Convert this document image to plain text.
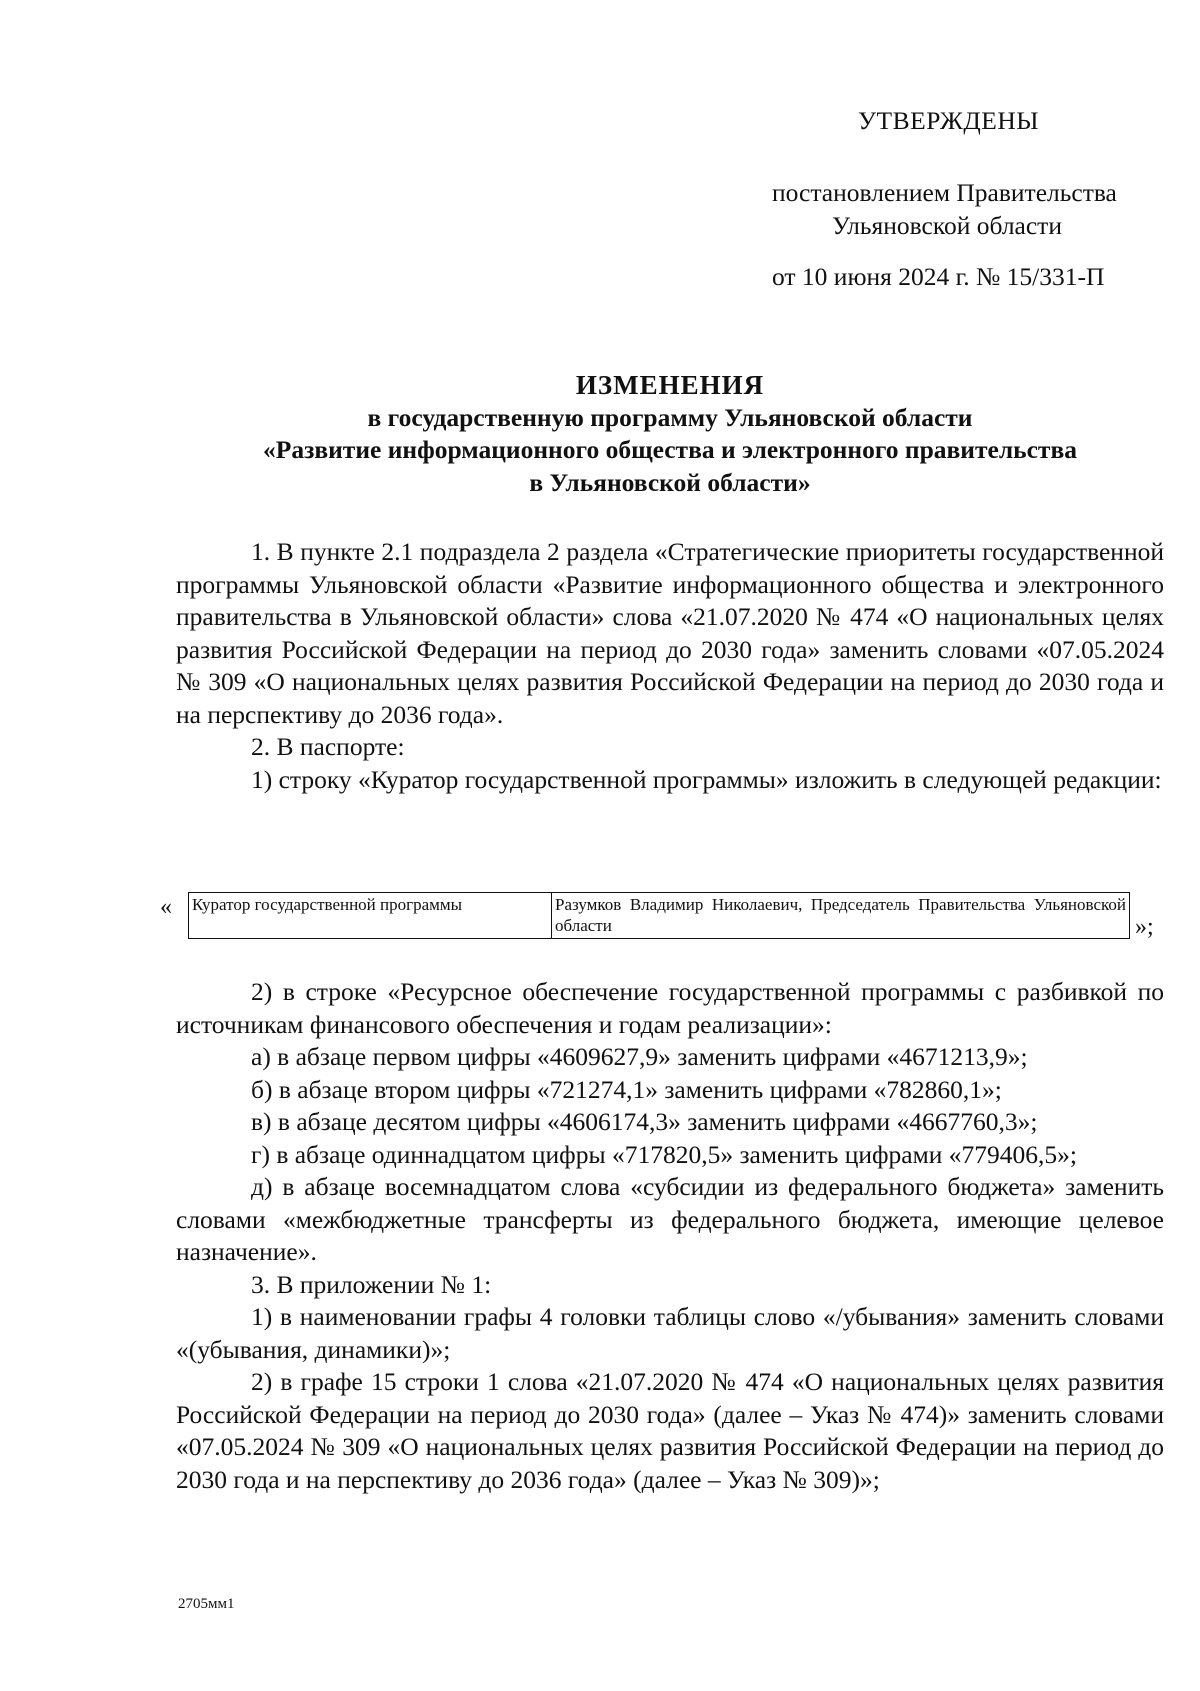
УТВЕРЖДЕНЫ
постановлением Правительства
Ульяновской области
от 10 июня 2024 г. № 15/331-П
ИЗМЕНЕНИЯ
в государственную программу Ульяновской области
«Развитие информационного общества и электронного правительства
в Ульяновской области»

1. В пункте 2.1 подраздела 2 раздела «Стратегические приоритеты государственной программы Ульяновской области «Развитие информационного общества и электронного правительства в Ульяновской области» слова «21.07.2020 № 474 «О национальных целях развития Российской Федерации на период до 2030 года» заменить словами «07.05.2024 № 309 «О национальных целях развития Российской Федерации на период до 2030 года и на перспективу до 2036 года».

2. В паспорте:

1) строку «Куратор государственной программы» изложить в следующей редакции:

« Куратор государственной программы	Разумков Владимир Николаевич, Председатель Правительства Ульяновской области	»;

2) в строке «Ресурсное обеспечение государственной программы с разбивкой по источникам финансового обеспечения и годам реализации»:

а) в абзаце первом цифры «4609627,9» заменить цифрами «4671213,9»;

б) в абзаце втором цифры «721274,1» заменить цифрами «782860,1»;

в) в абзаце десятом цифры «4606174,3» заменить цифрами «4667760,3»;

г) в абзаце одиннадцатом цифры «717820,5» заменить цифрами «779406,5»;

д) в абзаце восемнадцатом слова «субсидии из федерального бюджета» заменить словами «межбюджетные трансферты из федерального бюджета, имеющие целевое назначение».

3. В приложении № 1:

1) в наименовании графы 4 головки таблицы слово «/убывания» заменить словами «(убывания, динамики)»;

2) в графе 15 строки 1 слова «21.07.2020 № 474 «О национальных целях развития Российской Федерации на период до 2030 года» (далее – Указ № 474)» заменить словами «07.05.2024 № 309 «О национальных целях развития Российской Федерации на период до 2030 года и на перспективу до 2036 года» (далее – Указ № 309)»;

2705мм1
